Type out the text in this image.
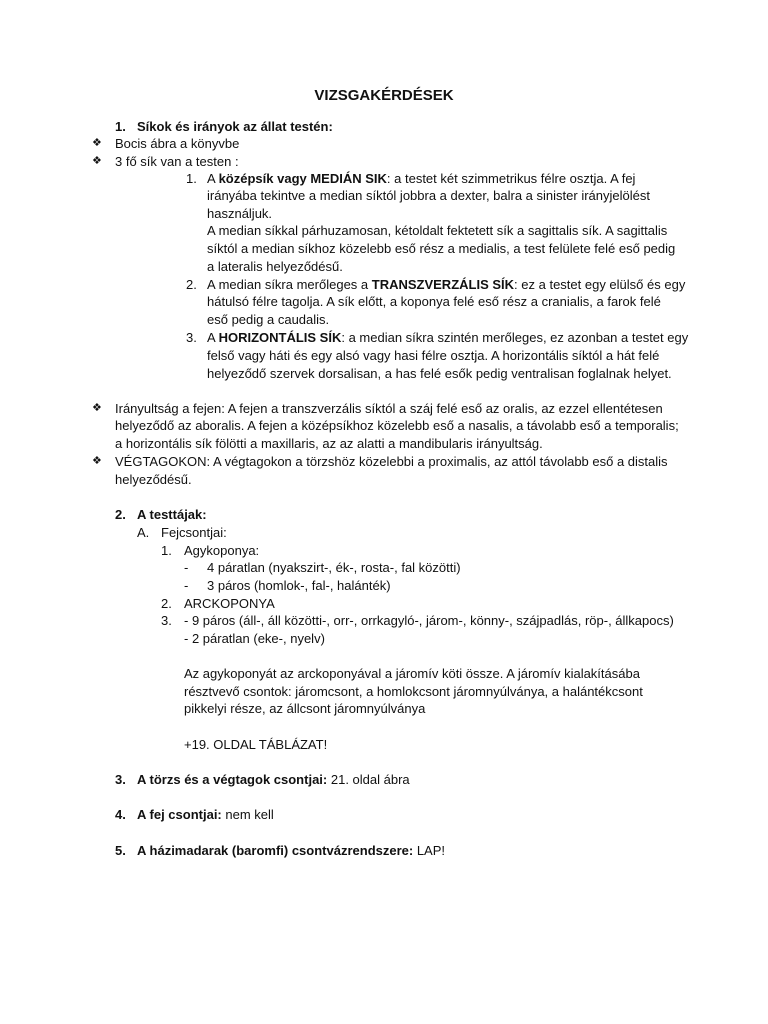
VIZSGAKÉRDÉSEK
1. Síkok és irányok az állat testén:
❖	Bocis ábra a könyvbe
❖	3 fő sík van a testen :
1. A középsík vagy MEDIÁN SIK: a testet két szimmetrikus félre osztja. A fej
irányába tekintve a median síktól jobbra a dexter, balra a sinister irányjelölést
használjuk.
A median síkkal párhuzamosan, kétoldalt fektetett sík a sagittalis sík. A sagittalis
síktól a median síkhoz közelebb eső rész a medialis, a test felülete felé eső pedig
a lateralis helyeződésű.
2. A median síkra merőleges a TRANSZVERZÁLIS SÍK: ez a testet egy elülső és egy
hátulsó félre tagolja. A sík előtt, a koponya felé eső rész a cranialis, a farok felé
eső pedig a caudalis.
3. A HORIZONTÁLIS SÍK: a median síkra szintén merőleges, ez azonban a testet egy
felső vagy háti és egy alsó vagy hasi félre osztja. A horizontális síktól a hát felé
helyeződő szervek dorsalisan, a has felé esők pedig ventralisan foglalnak helyet.
❖	Irányultság a fejen: A fejen a transzverzális síktól a száj felé eső az oralis, az ezzel ellentétesen
helyeződő az aboralis. A fejen a középsíkhoz közelebb eső a nasalis, a távolabb eső a temporalis;
a horizontális sík fölötti a maxillaris, az az alatti a mandibularis irányultság.
❖	VÉGTAGOKON: A végtagokon a törzshöz közelebbi a proximalis, az attól távolabb eső a distalis
helyeződésű.
2. A testtájak:
A. Fejcsontjai:
1. Agykoponya:
- 4 páratlan (nyakszirt-, ék-, rosta-, fal közötti)
- 3 páros (homlok-, fal-, halánték)
2. ARCKOPONYA
3. - 9 páros (áll-, áll közötti-, orr-, orrkagyló-, járom-, könny-, szájpadlás, röp-, állkapocs)
- 2 páratlan (eke-, nyelv)
Az agykoponyát az arckoponyával a járomív köti össze. A járomív kialakításába
résztvevő csontok: járomcsont, a homlokcsont járomnyúlványa, a halántékcsont
pikkelyi része, az állcsont járomnyúlványa
+19. OLDAL TÁBLÁZAT!
3. A törzs és a végtagok csontjai: 21. oldal ábra
4. A fej csontjai: nem kell
5. A házimadarak (baromfi) csontvázrendszere: LAP!
